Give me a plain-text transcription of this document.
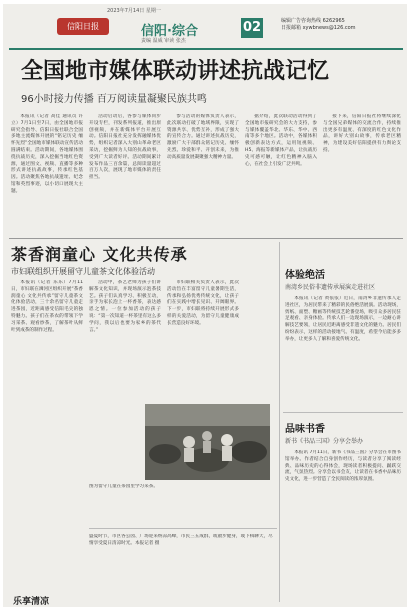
2023年7月14日 星期一
信阳日报	信阳·综合
责编 温威 审读 张杰
02	编辑广告咨询热线 6262965
日报邮箱 xywbnews@126.com
全国地市媒体联动讲述抗战记忆
96小时接力传播 百万阅读量凝聚民族共鸣

本报讯（记者 高佳 通讯员 许立）7月1日至7日，由全国地市报研究会指导、信阳日报社联合全国多地主流媒体开展的“铭记历史 缅怀先烈”全国地市媒体联动宣传活动圆满结束。活动期间，各地媒体围绕抗战历史，深入挖掘当地红色资源，通过图文、视频、直播等多种形式讲述抗战故事，传承红色基因。活动聚焦各地抗战遗址、纪念馆和英烈事迹，以小切口展现大主题。

活动启动后，各参与媒体同步开设专栏，刊发系列报道，推出原创视频，并在新媒体平台开展互动。信阳日报社充分发挥融媒体优势，组织记者深入大别山革命老区采访，挖掘鲜为人知的抗战故事，受到广大读者好评。活动期间累计发布作品三百余篇，总阅读量超过百万人次，展现了地市媒体的责任担当。

参与活动的媒体负责人表示，此次联动打破了地域界限，实现了资源共享、优势互补，形成了强大的宣传合力。通过讲述抗战历史，激励广大干部群众铭记历史、缅怀先烈、珍爱和平、开创未来，为推动高质量发展凝聚强大精神力量。

据介绍，此次联动活动得到了全国地市报研究会的大力支持，参与媒体覆盖华北、华东、华中、西南等多个地区。活动中，各媒体积极创新表达方式，运用短视频、H5、海报等新媒体产品，让抗战历史可感可触，让红色精神入脑入心，在社会上引发广泛共鸣。

接下来，信阳日报社将继续深化与全国兄弟媒体的交流合作，持续推出更多有温度、有深度的红色文化作品，讲好大别山故事，传承老区精神，为建设美好信阳提供有力舆论支持。

茶香润童心 文化共传承
市妇联组织开展留守儿童茶文化体验活动

本报讯（记者 乐乐）7月11日，市妇联在浉河区组织开展“茶香润童心 文化共传承”留守儿童茶文化体验活动，三十余名留守儿童走进茶园，近距离感受信阳毛尖的独特魅力。孩子们在茶农的带领下学习采茶、观看炒茶，了解茶叶从鲜叶到成茶的制作过程。

活动中，茶艺老师为孩子们讲解茶文化知识，并现场演示泡茶技艺。孩子们认真学习、积极互动，亲手为家长泡上一杯香茶，表达感恩之情。一位参加活动的孩子说：“第一次知道一杯茶里有这么多学问，我以后也要为家乡的茶代言。”

市妇联相关负责人表示，此次活动旨在丰富留守儿童暑期生活，传承和弘扬优秀传统文化，让孩子们在实践中增长见识、开阔眼界。下一步，市妇联将持续开展形式多样的关爱活动，为留守儿童健康成长营造良好环境。

图为留守儿童在茶园里学习采茶。
体验绝活
南湾乡民俗非遗传承展演走进社区

本报讯（记者 黄依依）近日，南湾乡非遗传承人走进社区，为居民带来了精彩的民俗绝活展演。活动现场，剪纸、面塑、糖画等传统技艺轮番登场，吸引众多居民驻足观看、亲身体验。传承人们一边现场演示，一边耐心讲解技艺要领，让居民近距离感受非遗文化的魅力。居民们纷纷表示，这样的活动接地气、有温度，希望今后能多多举办，让更多人了解和喜爱传统文化。

品味书香
新书《书品三国》分享会举办

本报讯 7月11日，新书《书品三国》分享会在市图书馆举办。作者结合自身创作经历，与读者分享了阅读经典、品味历史的心得体会，现场读者积极提问、踊跃交流，气氛热烈。分享会以书会友，让读者在书香中品味历史文化，进一步营造了全民阅读的浓厚氛围。

盛夏时节，市区各公园、广场迎来纳凉高峰，市民三五成群，或散步健身，或下棋聊天，尽情享受夏日清凉时光。本报记者 摄
乐享清凉
